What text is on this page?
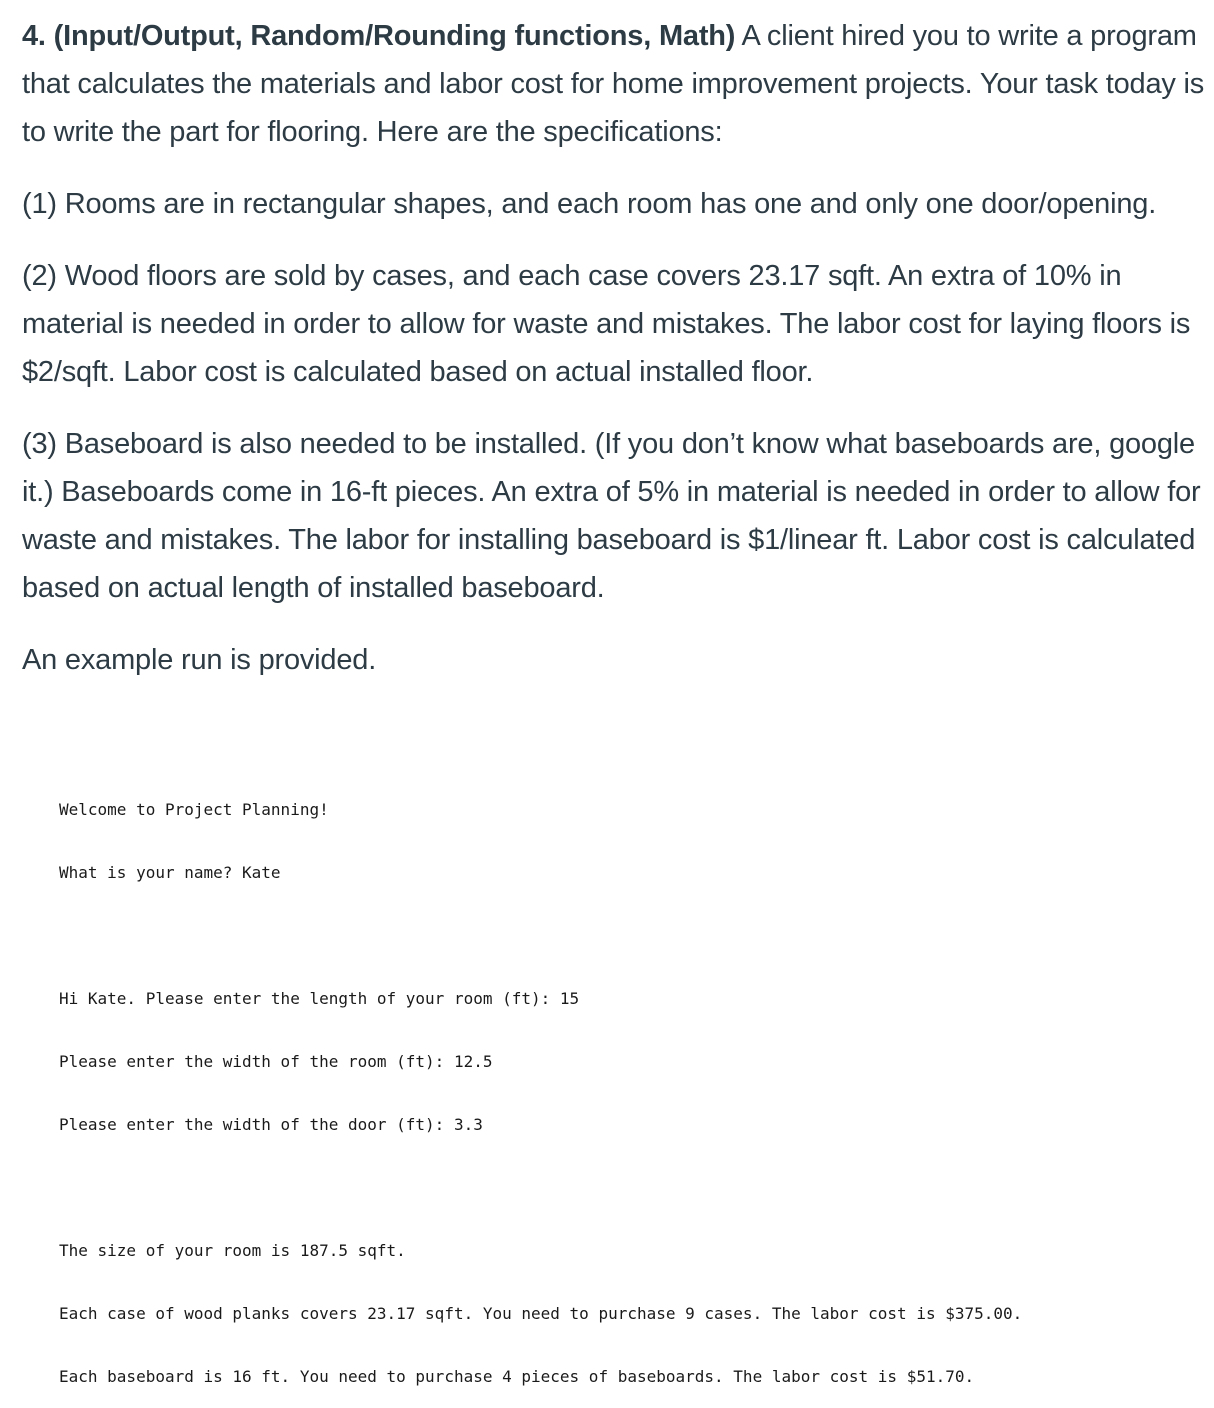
4. (Input/Output, Random/Rounding functions, Math) A client hired you to write a program that calculates the materials and labor cost for home improvement projects. Your task today is to write the part for flooring. Here are the specifications:

(1) Rooms are in rectangular shapes, and each room has one and only one door/opening.

(2) Wood floors are sold by cases, and each case covers 23.17 sqft. An extra of 10% in material is needed in order to allow for waste and mistakes. The labor cost for laying floors is $2/sqft. Labor cost is calculated based on actual installed floor.

(3) Baseboard is also needed to be installed. (If you don’t know what baseboards are, google it.) Baseboards come in 16-ft pieces. An extra of 5% in material is needed in order to allow for waste and mistakes. The labor for installing baseboard is $1/linear ft. Labor cost is calculated based on actual length of installed baseboard.

An example run is provided.

Welcome to Project Planning!

What is your name? Kate

Hi Kate. Please enter the length of your room (ft): 15

Please enter the width of the room (ft): 12.5

Please enter the width of the door (ft): 3.3

The size of your room is 187.5 sqft.

Each case of wood planks covers 23.17 sqft. You need to purchase 9 cases. The labor cost is $375.00.

Each baseboard is 16 ft. You need to purchase 4 pieces of baseboards. The labor cost is $51.70.
